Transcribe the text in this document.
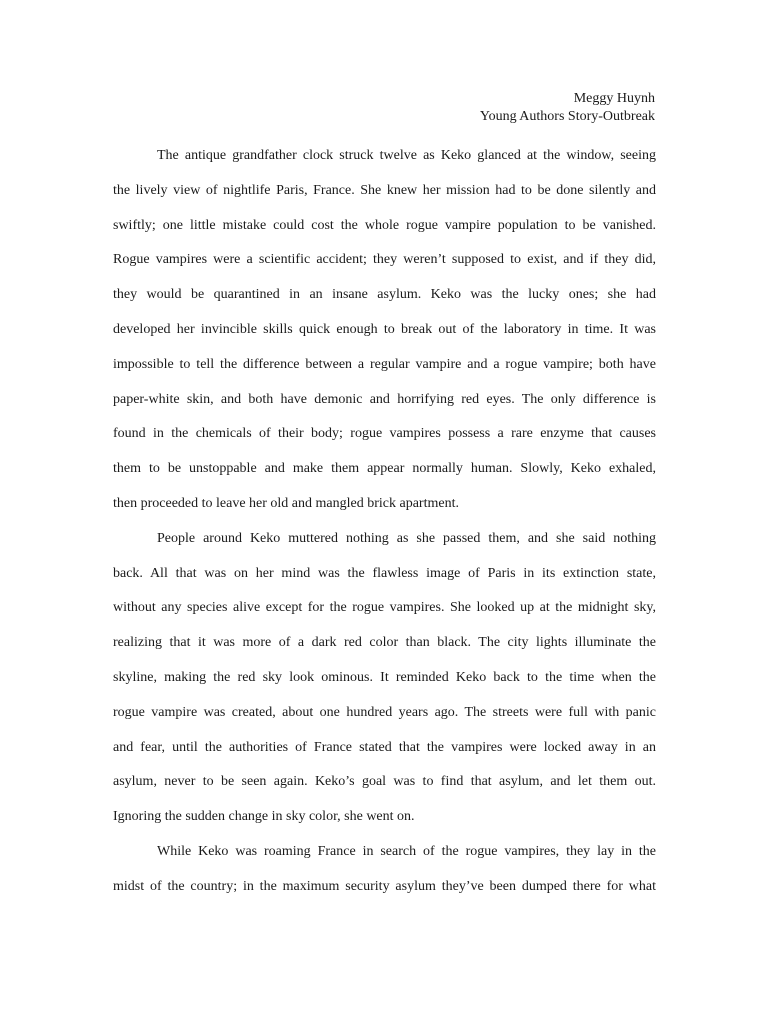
Meggy Huynh
Young Authors Story-Outbreak
The antique grandfather clock struck twelve as Keko glanced at the window, seeing
the lively view of nightlife Paris, France. She knew her mission had to be done silently and
swiftly; one little mistake could cost the whole rogue vampire population to be vanished.
Rogue vampires were a scientific accident; they weren’t supposed to exist, and if they did,
they would be quarantined in an insane asylum. Keko was the lucky ones; she had
developed her invincible skills quick enough to break out of the laboratory in time. It was
impossible to tell the difference between a regular vampire and a rogue vampire; both have
paper-white skin, and both have demonic and horrifying red eyes. The only difference is
found in the chemicals of their body; rogue vampires possess a rare enzyme that causes
them to be unstoppable and make them appear normally human. Slowly, Keko exhaled,
then proceeded to leave her old and mangled brick apartment.
People around Keko muttered nothing as she passed them, and she said nothing
back. All that was on her mind was the flawless image of Paris in its extinction state,
without any species alive except for the rogue vampires. She looked up at the midnight sky,
realizing that it was more of a dark red color than black. The city lights illuminate the
skyline, making the red sky look ominous. It reminded Keko back to the time when the
rogue vampire was created, about one hundred years ago. The streets were full with panic
and fear, until the authorities of France stated that the vampires were locked away in an
asylum, never to be seen again. Keko’s goal was to find that asylum, and let them out.
Ignoring the sudden change in sky color, she went on.
While Keko was roaming France in search of the rogue vampires, they lay in the
midst of the country; in the maximum security asylum they’ve been dumped there for what
